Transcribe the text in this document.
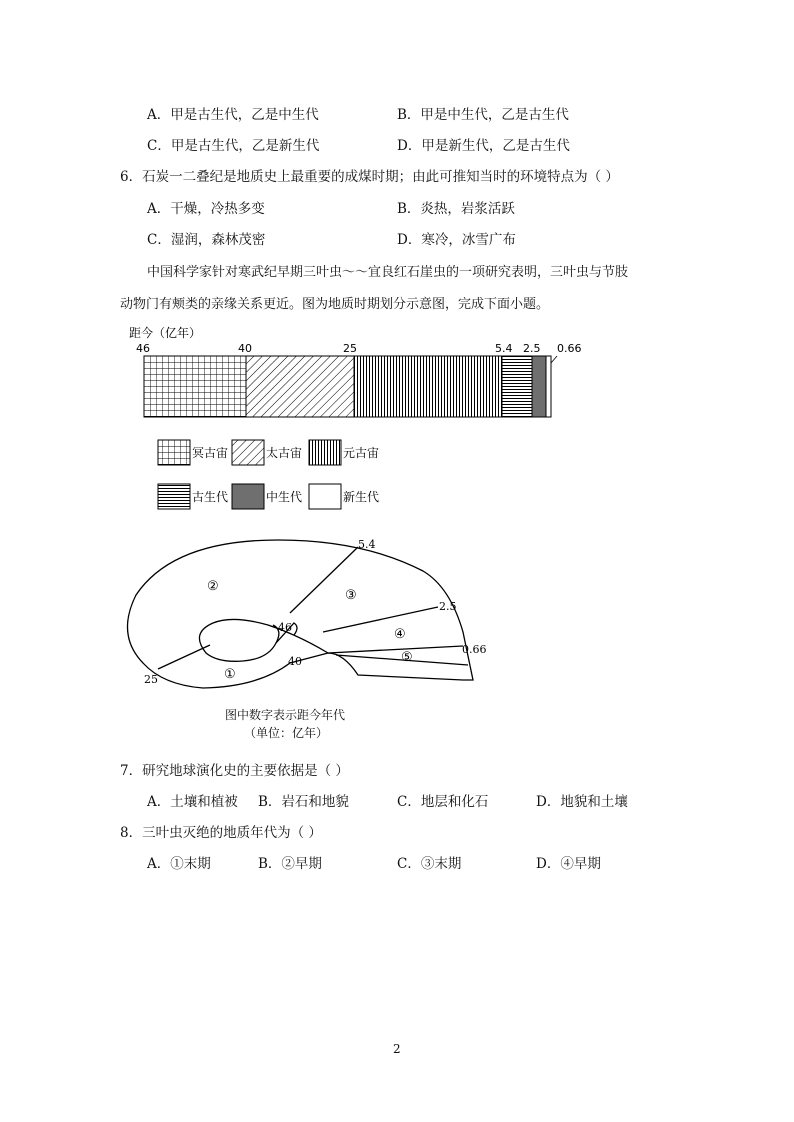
A．甲是古生代，乙是中生代	B．甲是中生代，乙是古生代
C．甲是古生代，乙是新生代	D．甲是新生代，乙是古生代
6．石炭一二叠纪是地质史上最重要的成煤时期；由此可推知当时的环境特点为（ ）
A．干燥，冷热多变	B．炎热，岩浆活跃
C．湿润，森林茂密	D．寒冷，冰雪广布
中国科学家针对寒武纪早期三叶虫～～宜良红石崖虫的一项研究表明，三叶虫与节肢
动物门有颊类的亲缘关系更近。图为地质时期划分示意图，完成下面小题。
距今（亿年）
46	40	25	5.4 2.5 0.66
冥古宙	太古宙	元古宙
古生代	中生代	新生代
5.4
2.5
0.66
46
40
25
②
③
④
⑤
①
图中数字表示距今年代
（单位：亿年）
7．研究地球演化史的主要依据是（ ）
A．土壤和植被 B．岩石和地貌	C．地层和化石	D．地貌和土壤
8．三叶虫灭绝的地质年代为（ ）
A．①末期	B．②早期	C．③末期	D．④早期
2
